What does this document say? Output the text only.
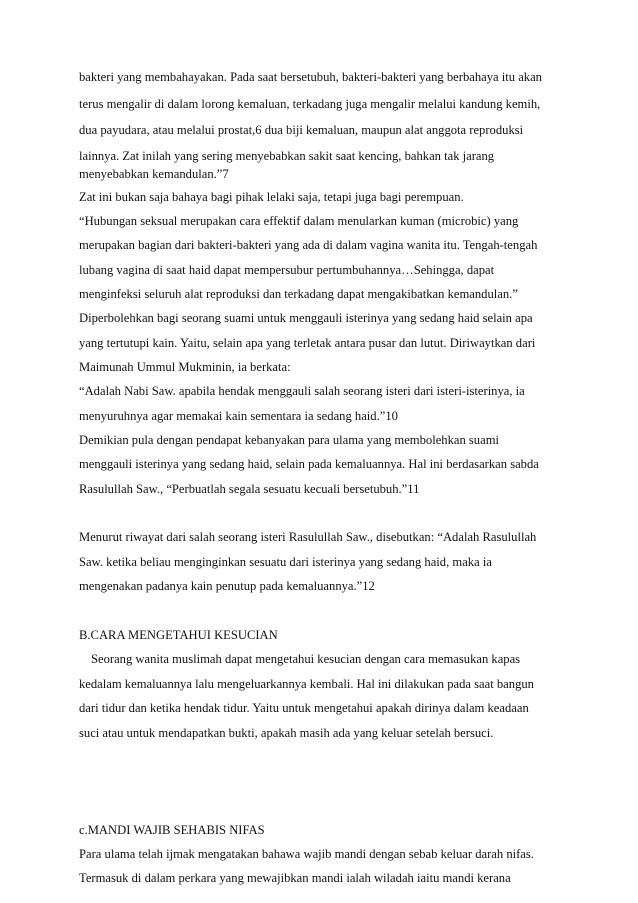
bakteri yang membahayakan. Pada saat bersetubuh, bakteri-bakteri yang berbahaya itu akan
terus mengalir di dalam lorong kemaluan, terkadang juga mengalir melalui kandung kemih,
dua payudara, atau melalui prostat,6 dua biji kemaluan, maupun alat anggota reproduksi
lainnya. Zat inilah yang sering menyebabkan sakit saat kencing, bahkan tak jarang
menyebabkan kemandulan.”7
Zat ini bukan saja bahaya bagi pihak lelaki saja, tetapi juga bagi perempuan.
“Hubungan seksual merupakan cara effektif dalam menularkan kuman (microbic) yang
merupakan bagian dari bakteri-bakteri yang ada di dalam vagina wanita itu. Tengah-tengah
lubang vagina di saat haid dapat mempersubur pertumbuhannya…Sehingga, dapat
menginfeksi seluruh alat reproduksi dan terkadang dapat mengakibatkan kemandulan.”
Diperbolehkan bagi seorang suami untuk menggauli isterinya yang sedang haid selain apa
yang tertutupi kain. Yaitu, selain apa yang terletak antara pusar dan lutut. Diriwaytkan dari
Maimunah Ummul Mukminin, ia berkata:
“Adalah Nabi Saw. apabila hendak menggauli salah seorang isteri dari isteri-isterinya, ia
menyuruhnya agar memakai kain sementara ia sedang haid.”10
Demikian pula dengan pendapat kebanyakan para ulama yang membolehkan suami
menggauli isterinya yang sedang haid, selain pada kemaluannya. Hal ini berdasarkan sabda
Rasulullah Saw., “Perbuatlah segala sesuatu kecuali bersetubuh.”11
Menurut riwayat dari salah seorang isteri Rasulullah Saw., disebutkan: “Adalah Rasulullah
Saw. ketika beliau menginginkan sesuatu dari isterinya yang sedang haid, maka ia
mengenakan padanya kain penutup pada kemaluannya.”12
B.CARA MENGETAHUI KESUCIAN
Seorang wanita muslimah dapat mengetahui kesucian dengan cara memasukan kapas
kedalam kemaluannya lalu mengeluarkannya kembali. Hal ini dilakukan pada saat bangun
dari tidur dan ketika hendak tidur. Yaitu untuk mengetahui apakah dirinya dalam keadaan
suci atau untuk mendapatkan bukti, apakah masih ada yang keluar setelah bersuci.
c.MANDI WAJIB SEHABIS NIFAS
Para ulama telah ijmak mengatakan bahawa wajib mandi dengan sebab keluar darah nifas.
Termasuk di dalam perkara yang mewajibkan mandi ialah wiladah iaitu mandi kerana
